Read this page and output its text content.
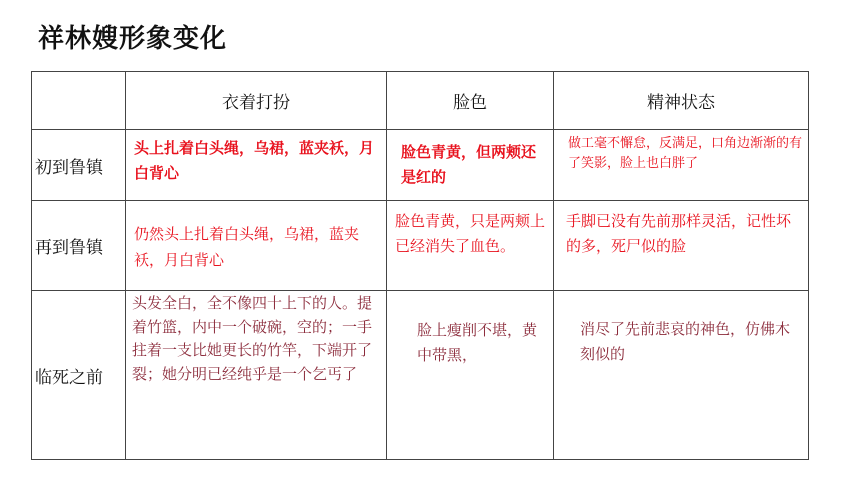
祥林嫂形象变化
	衣着打扮	脸色	精神状态
初到鲁镇	头上扎着白头绳，乌裙，蓝夹袄，月白背心	脸色青黄，但两颊还是红的	做工毫不懈怠，反满足，口角边渐渐的有了笑影，脸上也白胖了
再到鲁镇	仍然头上扎着白头绳，乌裙，蓝夹袄，月白背心	脸色青黄，只是两颊上已经消失了血色。	手脚已没有先前那样灵活，记性坏的多，死尸似的脸
临死之前	头发全白，全不像四十上下的人。提着竹篮，内中一个破碗，空的；一手拄着一支比她更长的竹竿，下端开了裂；她分明已经纯乎是一个乞丐了	脸上瘦削不堪，黄中带黑，	消尽了先前悲哀的神色，仿佛木刻似的
